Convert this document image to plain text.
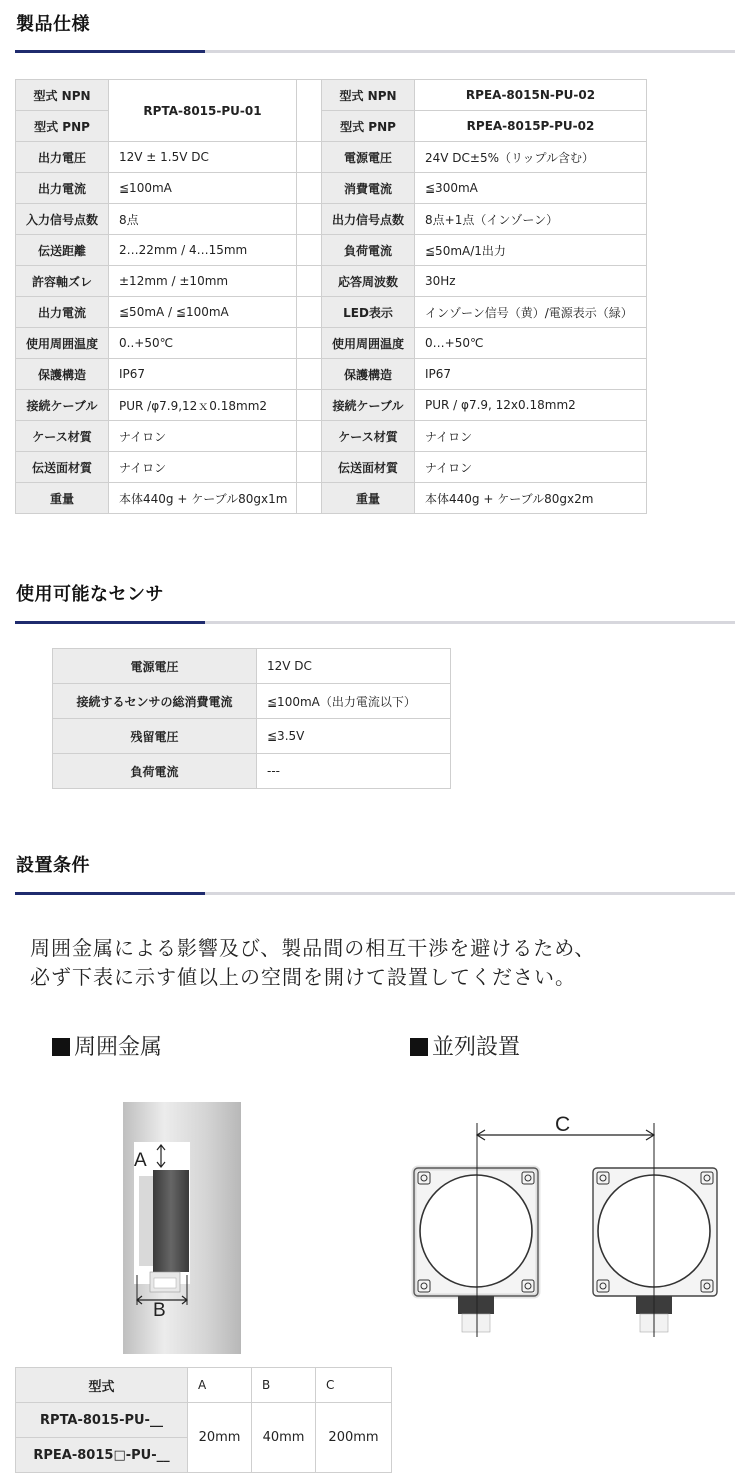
製品仕様
型式 NPN	RPTA-8015-PU-01		型式 NPN	RPEA-8015N-PU-02
型式 PNP			型式 PNP	RPEA-8015P-PU-02
出力電圧	12V ± 1.5V DC		電源電圧	24V DC±5%（リップル含む）
出力電流	≦100mA		消費電流	≦300mA
入力信号点数	8点		出力信号点数	8点+1点（インゾーン）
伝送距離	2…22mm / 4…15mm		負荷電流	≦50mA/1出力
許容軸ズレ	±12mm / ±10mm		応答周波数	30Hz
出力電流	≦50mA / ≦100mA		LED表示	インゾーン信号（黄）/電源表示（緑）
使用周囲温度	0..+50℃		使用周囲温度	0…+50℃
保護構造	IP67		保護構造	IP67
接続ケーブル	PUR /φ7.9,12ｘ0.18mm2		接続ケーブル	PUR / φ7.9, 12x0.18mm2
ケース材質	ナイロン		ケース材質	ナイロン
伝送面材質	ナイロン		伝送面材質	ナイロン
重量	本体440g + ケーブル80gx1m		重量	本体440g + ケーブル80gx2m
使用可能なセンサ
電源電圧	12V DC
接続するセンサの総消費電流	≦100mA（出力電流以下）
残留電圧	≦3.5V
負荷電流	---
設置条件
周囲金属による影響及び、製品間の相互干渉を避けるため、
必ず下表に示す値以上の空間を開けて設置してください。
周囲金属	並列設置
A
B
C
型式	A	B	C
RPTA-8015-PU-__	20mm	40mm	200mm
RPEA-8015□-PU-__			
